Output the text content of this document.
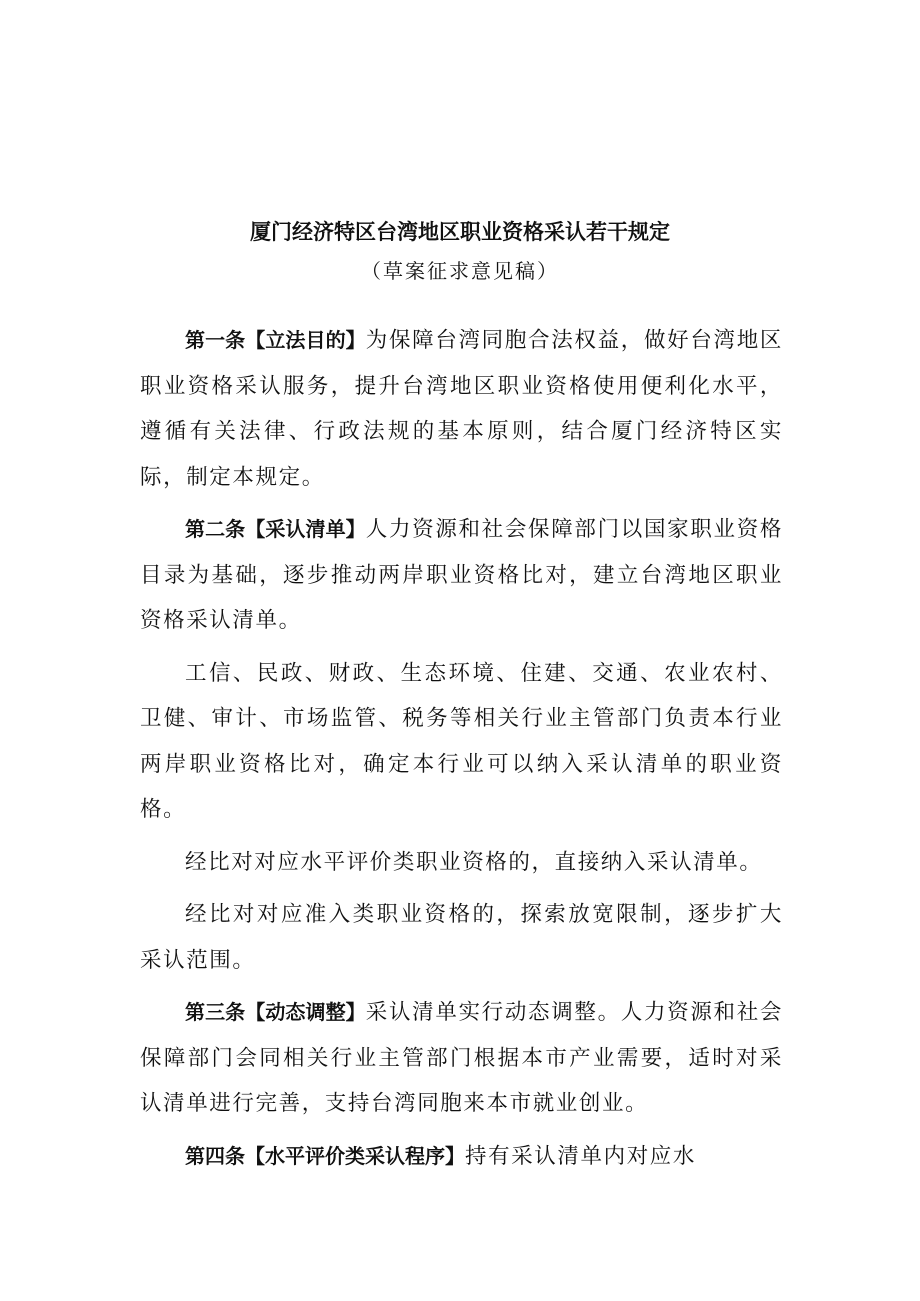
厦门经济特区台湾地区职业资格采认若干规定
（草案征求意见稿）

第一条【立法目的】为保障台湾同胞合法权益，做好台湾地区职业资格采认服务，提升台湾地区职业资格使用便利化水平，遵循有关法律、行政法规的基本原则，结合厦门经济特区实际，制定本规定。

第二条【采认清单】人力资源和社会保障部门以国家职业资格目录为基础，逐步推动两岸职业资格比对，建立台湾地区职业资格采认清单。

工信、民政、财政、生态环境、住建、交通、农业农村、卫健、审计、市场监管、税务等相关行业主管部门负责本行业两岸职业资格比对，确定本行业可以纳入采认清单的职业资格。

经比对对应水平评价类职业资格的，直接纳入采认清单。

经比对对应准入类职业资格的，探索放宽限制，逐步扩大采认范围。

第三条【动态调整】采认清单实行动态调整。人力资源和社会保障部门会同相关行业主管部门根据本市产业需要，适时对采认清单进行完善，支持台湾同胞来本市就业创业。

第四条【水平评价类采认程序】持有采认清单内对应水
